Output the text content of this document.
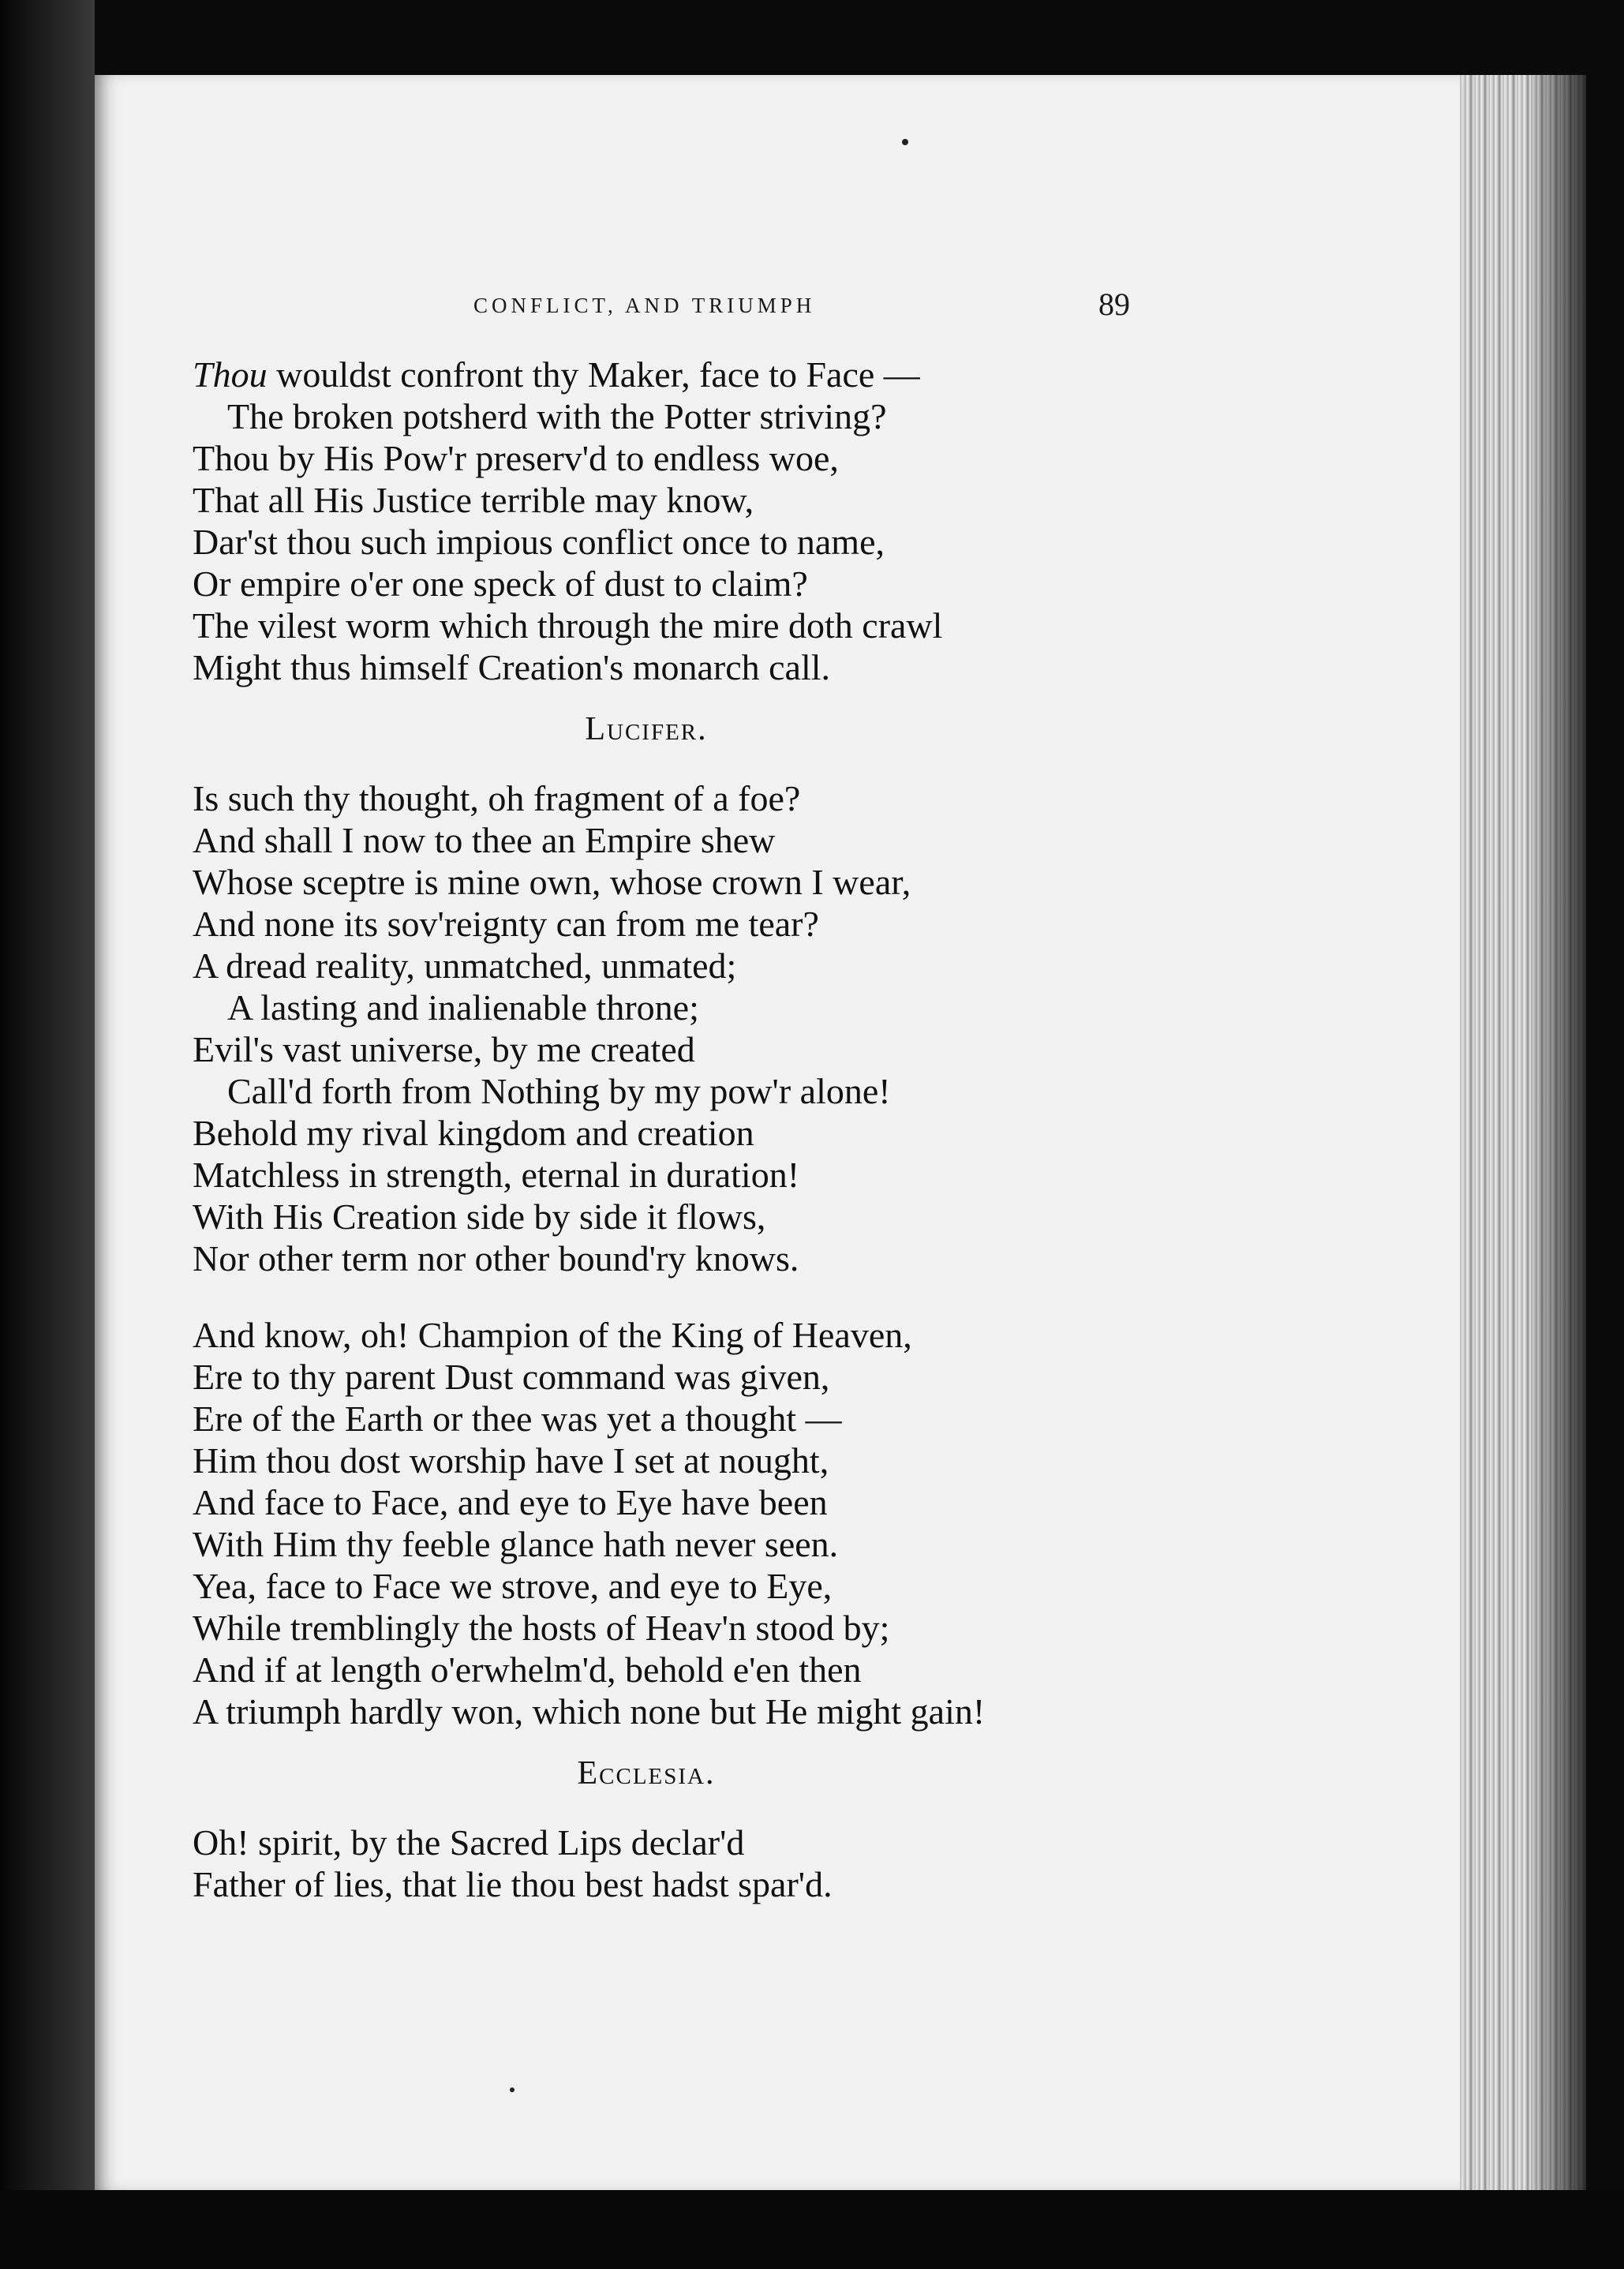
CONFLICT, AND TRIUMPH	89
Thou wouldst confront thy Maker, face to Face —
The broken potsherd with the Potter striving?
Thou by His Pow'r preserv'd to endless woe,
That all His Justice terrible may know,
Dar'st thou such impious conflict once to name,
Or empire o'er one speck of dust to claim?
The vilest worm which through the mire doth crawl
Might thus himself Creation's monarch call.
Lucifer.
Is such thy thought, oh fragment of a foe?
And shall I now to thee an Empire shew
Whose sceptre is mine own, whose crown I wear,
And none its sov'reignty can from me tear?
A dread reality, unmatched, unmated;
A lasting and inalienable throne;
Evil's vast universe, by me created
Call'd forth from Nothing by my pow'r alone!
Behold my rival kingdom and creation
Matchless in strength, eternal in duration!
With His Creation side by side it flows,
Nor other term nor other bound'ry knows.
And know, oh! Champion of the King of Heaven,
Ere to thy parent Dust command was given,
Ere of the Earth or thee was yet a thought —
Him thou dost worship have I set at nought,
And face to Face, and eye to Eye have been
With Him thy feeble glance hath never seen.
Yea, face to Face we strove, and eye to Eye,
While tremblingly the hosts of Heav'n stood by;
And if at length o'erwhelm'd, behold e'en then
A triumph hardly won, which none but He might gain!
Ecclesia.
Oh! spirit, by the Sacred Lips declar'd
Father of lies, that lie thou best hadst spar'd.
